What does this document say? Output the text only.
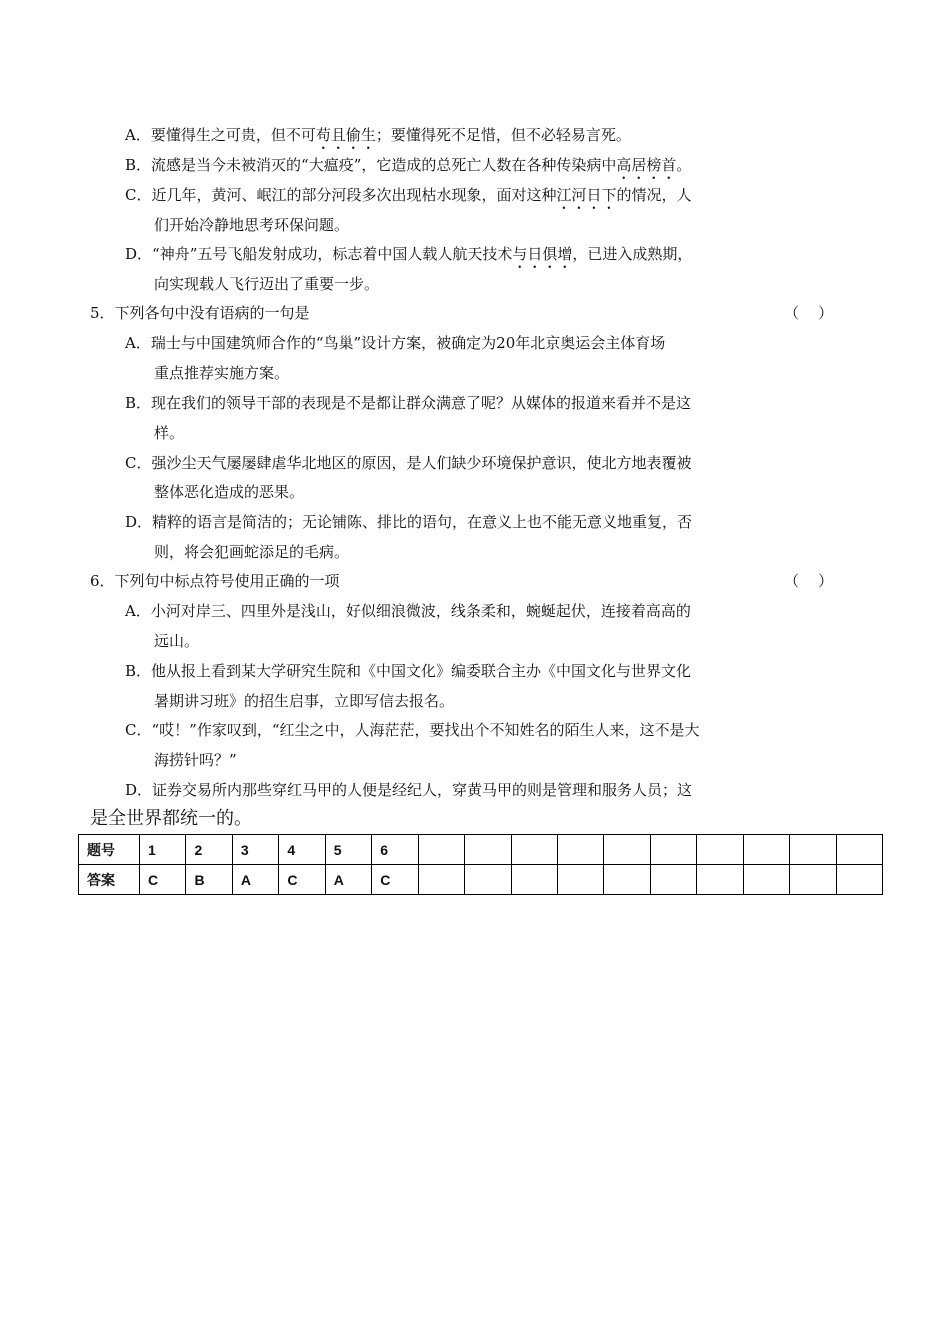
A．要懂得生之可贵，但不可苟且偷生；要懂得死不足惜，但不必轻易言死。
B．流感是当今未被消灭的“大瘟疫”，它造成的总死亡人数在各种传染病中高居榜首。
C．近几年，黄河、岷江的部分河段多次出现枯水现象，面对这种江河日下的情况，人
们开始冷静地思考环保问题。
D．“神舟”五号飞船发射成功，标志着中国人载人航天技术与日俱增，已进入成熟期，
向实现载人飞行迈出了重要一步。
5．下列各句中没有语病的一句是	（    ）
A．瑞士与中国建筑师合作的“鸟巢”设计方案，被确定为20年北京奥运会主体育场
重点推荐实施方案。
B．现在我们的领导干部的表现是不是都让群众满意了呢？从媒体的报道来看并不是这
样。
C．强沙尘天气屡屡肆虐华北地区的原因，是人们缺少环境保护意识，使北方地表覆被
整体恶化造成的恶果。
D．精粹的语言是简洁的；无论铺陈、排比的语句，在意义上也不能无意义地重复，否
则，将会犯画蛇添足的毛病。
6．下列句中标点符号使用正确的一项	（    ）
A．小河对岸三、四里外是浅山，好似细浪微波，线条柔和，蜿蜒起伏，连接着高高的
远山。
B．他从报上看到某大学研究生院和《中国文化》编委联合主办《中国文化与世界文化
暑期讲习班》的招生启事，立即写信去报名。
C．“哎！”作家叹到，“红尘之中，人海茫茫，要找出个不知姓名的陌生人来，这不是大
海捞针吗？”
D．证券交易所内那些穿红马甲的人便是经纪人，穿黄马甲的则是管理和服务人员；这
是全世界都统一的。
题号	1	2	3	4	5	6										
答案	C	B	A	C	A	C										
